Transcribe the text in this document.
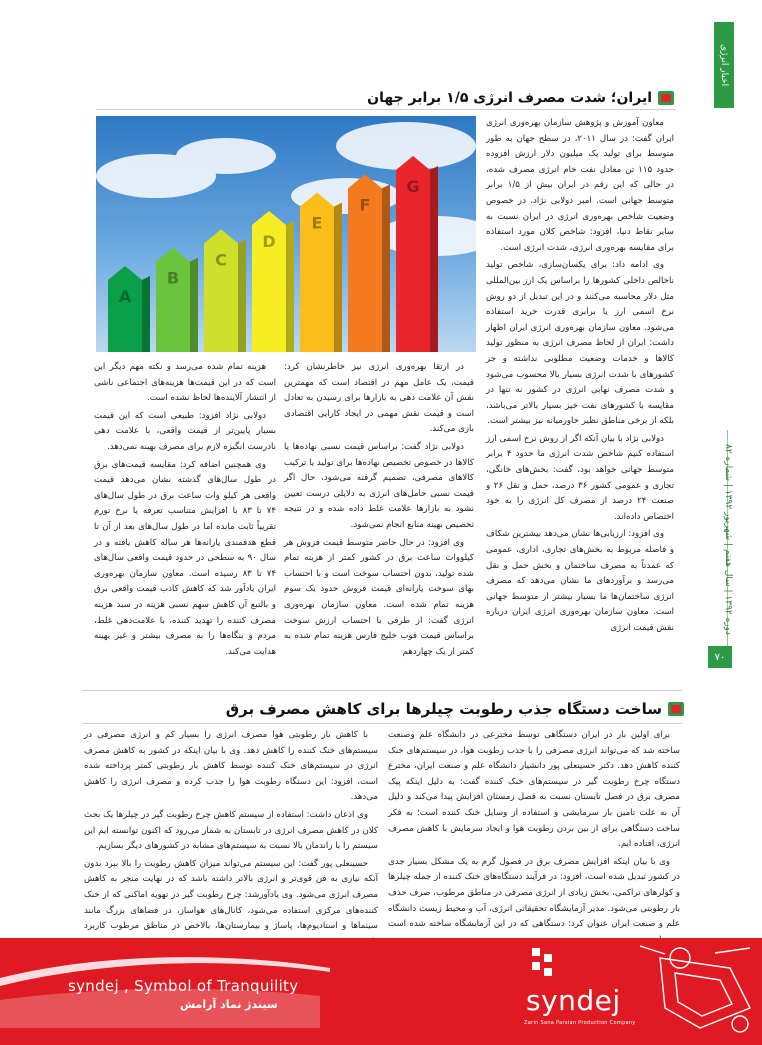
اخبار انرژی
دوره ۱۳۹۲ | سال هفتم | شهریور ۱۳۹۲ | شماره ۸۲
۷۰
ایران؛ شدت مصرف انرژی ۱/۵ برابر جهان
A
B
C
D
E
F
G

معاون آموزش و پژوهش سازمان بهره‌وری انرژی ایران گفت: در سال ۲۰۱۱، در سطح جهان به طور متوسط برای تولید یک میلیون دلار ارزش افزوده حدود ۱۱۵ تن معادل نفت خام انرژی مصرف شده، در حالی که این رقم در ایران بیش از ۱/۵ برابر متوسط جهانی است. امیر دولابی نژاد، در خصوص وضعیت شاخص بهره‌وری انرژی در ایران نسبت به سایر نقاط دنیا، افزود: شاخص کلان مورد استفاده برای مقایسه بهره‌وری انرژی، شدت انرژی است.

وی ادامه داد: برای یکسان‌سازی، شاخص تولید ناخالص داخلی کشورها را براساس یک ارز بین‌المللی مثل دلار محاسبه می‌کنند و در این تبدیل از دو روش نرخ اسمی ارز یا برابری قدرت خرید استفاده می‌شود. معاون سازمان بهره‌وری انرژی ایران اظهار داشت: ایران از لحاظ مصرف انرژی به منظور تولید کالاها و خدمات وضعیت مطلوبی نداشته و جز کشورهای با شدت انرژی بسیار بالا محسوب می‌شود و شدت مصرف نهایی انرژی در کشور نه تنها در مقایسه با کشورهای نفت خیز بسیار بالاتر می‌باشد، بلکه از برخی مناطق نظیر خاورمیانه نیز بیشتر است.

دولابی نژاد با بیان آنکه اگر از روش نرخ اسمی ارز استفاده کنیم شاخص شدت انرژی ما حدود ۴ برابر متوسط جهانی خواهد بود، گفت: بخش‌های خانگی، تجاری و عمومی کشور ۳۶ درصد، حمل و نقل ۲۶ و صنعت ۲۴ درصد از مصرف کل انرژی را به خود اختصاص داده‌اند.

وی افزود: ارزیابی‌ها نشان می‌دهد بیشترین شکاف و فاصله مربوط به بخش‌های تجاری، اداری، عمومی که عمدتاً به مصرف ساختمان و بخش حمل و نقل می‌رسد و برآوردهای ما نشان می‌دهد که مصرف انرژی ساختمان‌ها ما بسیار بیشتر از متوسط جهانی است. معاون سازمان بهره‌وری انرژی ایران درباره نقش قیمت انرژی

در ارتقا بهره‌وری انرژی نیز خاطرنشان کرد: قیمت، یک عامل مهم در اقتصاد است که مهمترین نقش آن علامت دهی به بازارها برای رسیدن به تعادل است و قیمت نقش مهمی در ایجاد کارایی اقتصادی بازی می‌کند.

دولابی نژاد گفت: براساس قیمت نسبی نهاده‌ها یا کالاها در خصوص تخصیص نهاده‌ها برای تولید یا ترکیب کالاهای مصرفی، تصمیم گرفته می‌شود، حال اگر قیمت نسبی حامل‌های انرژی به دلایلی درست تعیین نشود به بازارها علامت غلط داده شده و در نتیجه تخصیص بهینه منابع انجام نمی‌شود.

وی افزود: در حال حاضر متوسط قیمت فروش هر کیلووات ساعت برق در کشور کمتر از هزینه تمام شده تولید، بدون احتساب سوخت است و با احتساب بهای سوخت یارانه‌ای قیمت فروش حدود یک سوم هزینه تمام شده است. معاون سازمان بهره‌وری انرژی گفت: از طرفی با احتساب ارزش سوخت براساس قیمت فوب خلیج فارس هزینه تمام شده به کمتر از یک چهاردهم

هزینه تمام شده می‌رسد و نکته مهم دیگر این است که در این قیمت‌ها هزینه‌های اجتماعی ناشی از انتشار آلاینده‌ها لحاظ نشده است.

دولابی نژاد افزود: طبیعی است که این قیمت بسیار پایین‌تر از قیمت واقعی، با علامت دهی نادرست انگیزه لازم برای مصرف بهینه نمی‌دهد.

وی همچنین اضافه کرد: مقایسه قیمت‌های برق در طول سال‌های گذشته نشان می‌دهد قیمت واقعی هر کیلو وات ساعت برق در طول سال‌های ۷۴ تا ۸۳ با افزایش متناسب تعرفه یا نرخ تورم تقریباً ثابت مانده اما در طول سال‌های بعد از آن تا قطع هدفمندی یارانه‌ها هر ساله کاهش یافته و در سال ۹۰ به سطحی در حدود قیمت واقعی سال‌های ۷۴ تا ۸۳ رسیده است. معاون سازمان بهره‌وری ایران یادآور شد که کاهش کاذب قیمت واقعی برق و بالتبع آن کاهش سهم نسبی هزینه در سبد هزینه مصرف کننده را تهدید کننده، با علامت‌دهی غلط، مردم و بنگاه‌ها را به مصرف بیشتر و غیر بهینه هدایت می‌کند.

ساخت دستگاه جذب رطوبت چیلرها برای کاهش مصرف برق

برای اولین بار در ایران دستگاهی توسط مخترعی در دانشگاه علم وصنعت ساخته شد که می‌تواند انرژی مصرفی را با جذب رطوبت هوا، در سیستم‌های خنک کننده کاهش دهد. دکتر حسینعلی پور دانشیار دانشگاه علم و صنعت ایران، مخترع دستگاه چرخ رطوبت گیر در سیستم‌های خنک کننده گفت: به دلیل اینکه پیک مصرف برق در فصل تابستان نسبت به فصل زمستان افزایش پیدا می‌کند و دلیل آن به علت تامین بار سرمایشی و استفاده از وسایل خنک کننده است؛ به فکر ساخت دستگاهی برای از بین بردن رطوبت هوا و ایجاد سرمایش با کاهش مصرف انرژی، افتاده ایم.

وی با بیان اینکه افزایش مصرف برق در فصول گرم به یک مشکل بسیار جدی در کشور تبدیل شده است، افزود: در فرآیند دستگاه‌های خنک کننده از جمله چیلرها و کولرهای تراکمی، بخش زیادی از انرژی مصرفی در مناطق مرطوب، صرف حذف بار رطوبتی می‌شود. مدیر آزمایشگاه تحقیقاتی انرژی، آب و محیط زیست دانشگاه علم و صنعت ایران عنوان کرد: دستگاهی که در این آزمایشگاه ساخته شده است

با کاهش بار رطوبتی هوا مصرف انرژی را بسیار کم و انرژی مصرفی در سیستم‌های خنک کننده را کاهش دهد. وی با بیان اینکه در کشور به کاهش مصرف انرژی در سیستم‌های خنک کننده توسط کاهش بار رطوبتی کمتر پرداخته شده است، افزود: این دستگاه رطوبت هوا را جذب کرده و مصرف انرژی را کاهش می‌دهد.

وی اذعان داشت: استفاده از سیستم کاهش چرخ رطوبت گیر در چیلرها یک بحث کلان در کاهش مصرف انرژی در تابستان به شمار می‌رود که اکنون توانسته ایم این سیستم را با راندمان بالا نسبت به سیستم‌های مشابه در کشورهای دیگر بسازیم.

حسینعلی پور گفت: این سیستم می‌تواند میزان کاهش رطوبت را بالا ببرد بدون آنکه نیازی به فن قوی‌تر و انرژی بالاتر داشته باشد که در نهایت منجر به کاهش مصرف انرژی می‌شود. وی یادآورشد: چرخ رطوبت گیر در تهویه اماکنی که از خنک کننده‌های مرکزی استفاده می‌شود، کانال‌های هوا‌ساز، در فضاهای بزرگ مانند سینماها و استادیوم‌ها، پاساژ و بیمارستان‌ها، بالاخص در مناطق مرطوب کاربرد

syndej , Symbol of Tranquility
سیندژ نماد آرامش	syndej
Zarin Sana Parsian Production Company
